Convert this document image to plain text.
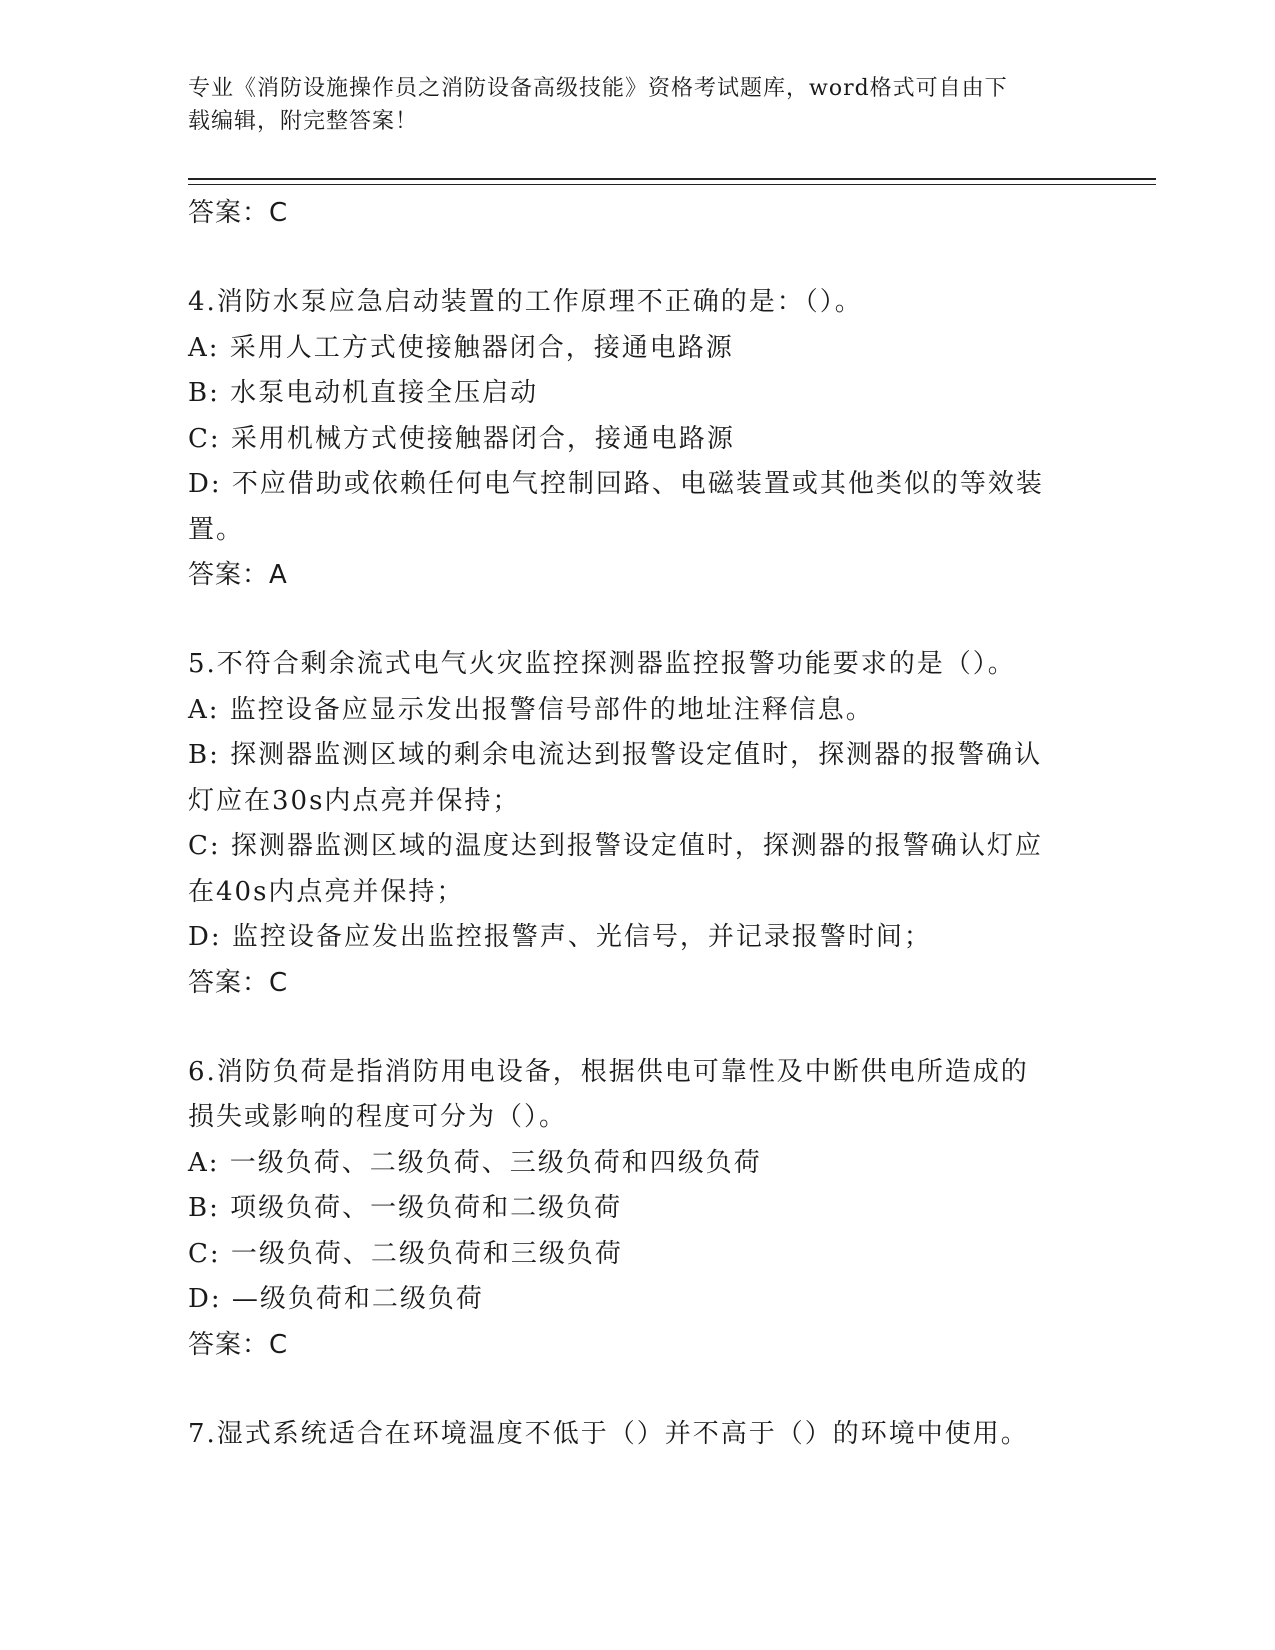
专业《消防设施操作员之消防设备高级技能》资格考试题库，word格式可自由下
载编辑，附完整答案！

答案：C

4.消防水泵应急启动装置的工作原理不正确的是：（）。

A: 采用人工方式使接触器闭合，接通电路源

B: 水泵电动机直接全压启动

C: 采用机械方式使接触器闭合，接通电路源

D: 不应借助或依赖任何电气控制回路、电磁装置或其他类似的等效装

置。

答案：A

5.不符合剩余流式电气火灾监控探测器监控报警功能要求的是（）。

A: 监控设备应显示发出报警信号部件的地址注释信息。

B: 探测器监测区域的剩余电流达到报警设定值时，探测器的报警确认

灯应在30s内点亮并保持；

C: 探测器监测区域的温度达到报警设定值时，探测器的报警确认灯应

在40s内点亮并保持；

D: 监控设备应发出监控报警声、光信号，并记录报警时间；

答案：C

6.消防负荷是指消防用电设备，根据供电可靠性及中断供电所造成的

损失或影响的程度可分为（）。

A: 一级负荷、二级负荷、三级负荷和四级负荷

B: 项级负荷、一级负荷和二级负荷

C: 一级负荷、二级负荷和三级负荷

D: —级负荷和二级负荷

答案：C

7.湿式系统适合在环境温度不低于（）并不高于（）的环境中使用。
